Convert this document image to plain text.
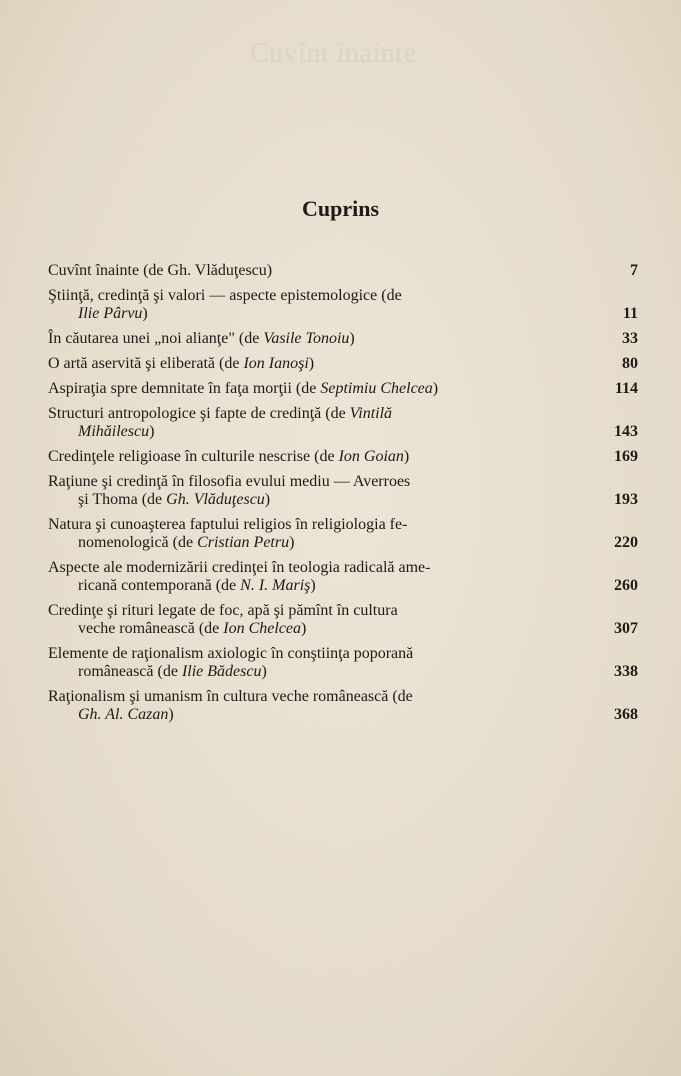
Cuvînt înainte
Cuprins
Cuvînt înainte (de Gh. Vlăduţescu)	7
Ştiinţă, credinţă şi valori — aspecte epistemologice (de
Ilie Pârvu)	11
În căutarea unei „noi alianţe" (de Vasile Tonoiu)	33
O artă aservită şi eliberată (de Ion Ianoşi)	80
Aspiraţia spre demnitate în faţa morţii (de Septimiu Chelcea)	114
Structuri antropologice şi fapte de credinţă (de Vintilă
Mihăilescu)	143
Credinţele religioase în culturile nescrise (de Ion Goian)	169
Raţiune şi credinţă în filosofia evului mediu — Averroes
şi Thoma (de Gh. Vlăduţescu)	193
Natura şi cunoaşterea faptului religios în religiologia fe-
nomenologică (de Cristian Petru)	220
Aspecte ale modernizării credinţei în teologia radicală ame-
ricană contemporană (de N. I. Mariş)	260
Credinţe şi rituri legate de foc, apă şi pămînt în cultura
veche românească (de Ion Chelcea)	307
Elemente de raţionalism axiologic în conştiinţa poporană
românească (de Ilie Bădescu)	338
Raţionalism şi umanism în cultura veche românească (de
Gh. Al. Cazan)	368
